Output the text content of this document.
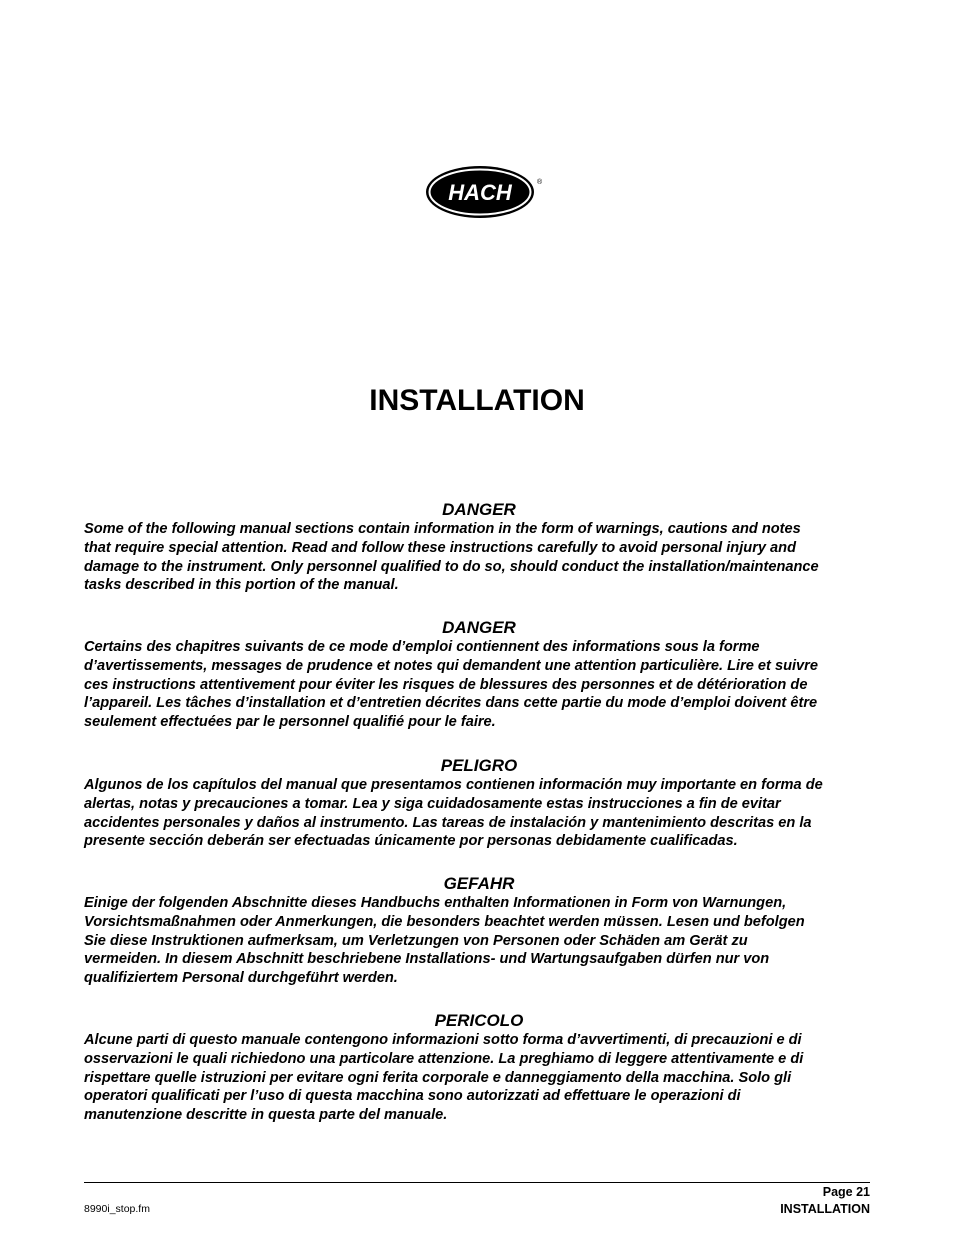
HACH	®
INSTALLATION
DANGER

Some of the following manual sections contain information in the form of warnings, cautions and notes
that require special attention. Read and follow these instructions carefully to avoid personal injury and
damage to the instrument. Only personnel qualified to do so, should conduct the installation/maintenance
tasks described in this portion of the manual.

DANGER

Certains des chapitres suivants de ce mode d’emploi contiennent des informations sous la forme
d’avertissements, messages de prudence et notes qui demandent une attention particulière. Lire et suivre
ces instructions attentivement pour éviter les risques de blessures des personnes et de détérioration de
l’appareil. Les tâches d’installation et d’entretien décrites dans cette partie du mode d’emploi doivent être
seulement effectuées par le personnel qualifié pour le faire.

PELIGRO

Algunos de los capítulos del manual que presentamos contienen información muy importante en forma de
alertas, notas y precauciones a tomar. Lea y siga cuidadosamente estas instrucciones a fin de evitar
accidentes personales y daños al instrumento. Las tareas de instalación y mantenimiento descritas en la
presente sección deberán ser efectuadas únicamente por personas debidamente cualificadas.

GEFAHR

Einige der folgenden Abschnitte dieses Handbuchs enthalten Informationen in Form von Warnungen,
Vorsichtsmaßnahmen oder Anmerkungen, die besonders beachtet werden müssen. Lesen und befolgen
Sie diese Instruktionen aufmerksam, um Verletzungen von Personen oder Schäden am Gerät zu
vermeiden. In diesem Abschnitt beschriebene Installations- und Wartungsaufgaben dürfen nur von
qualifiziertem Personal durchgeführt werden.

PERICOLO

Alcune parti di questo manuale contengono informazioni sotto forma d’avvertimenti, di precauzioni e di
osservazioni le quali richiedono una particolare attenzione. La preghiamo di leggere attentivamente e di
rispettare quelle istruzioni per evitare ogni ferita corporale e danneggiamento della macchina. Solo gli
operatori qualificati per l’uso di questa macchina sono autorizzati ad effettuare le operazioni di
manutenzione descritte in questa parte del manuale.

8990i_stop.fm
Page 21
INSTALLATION
